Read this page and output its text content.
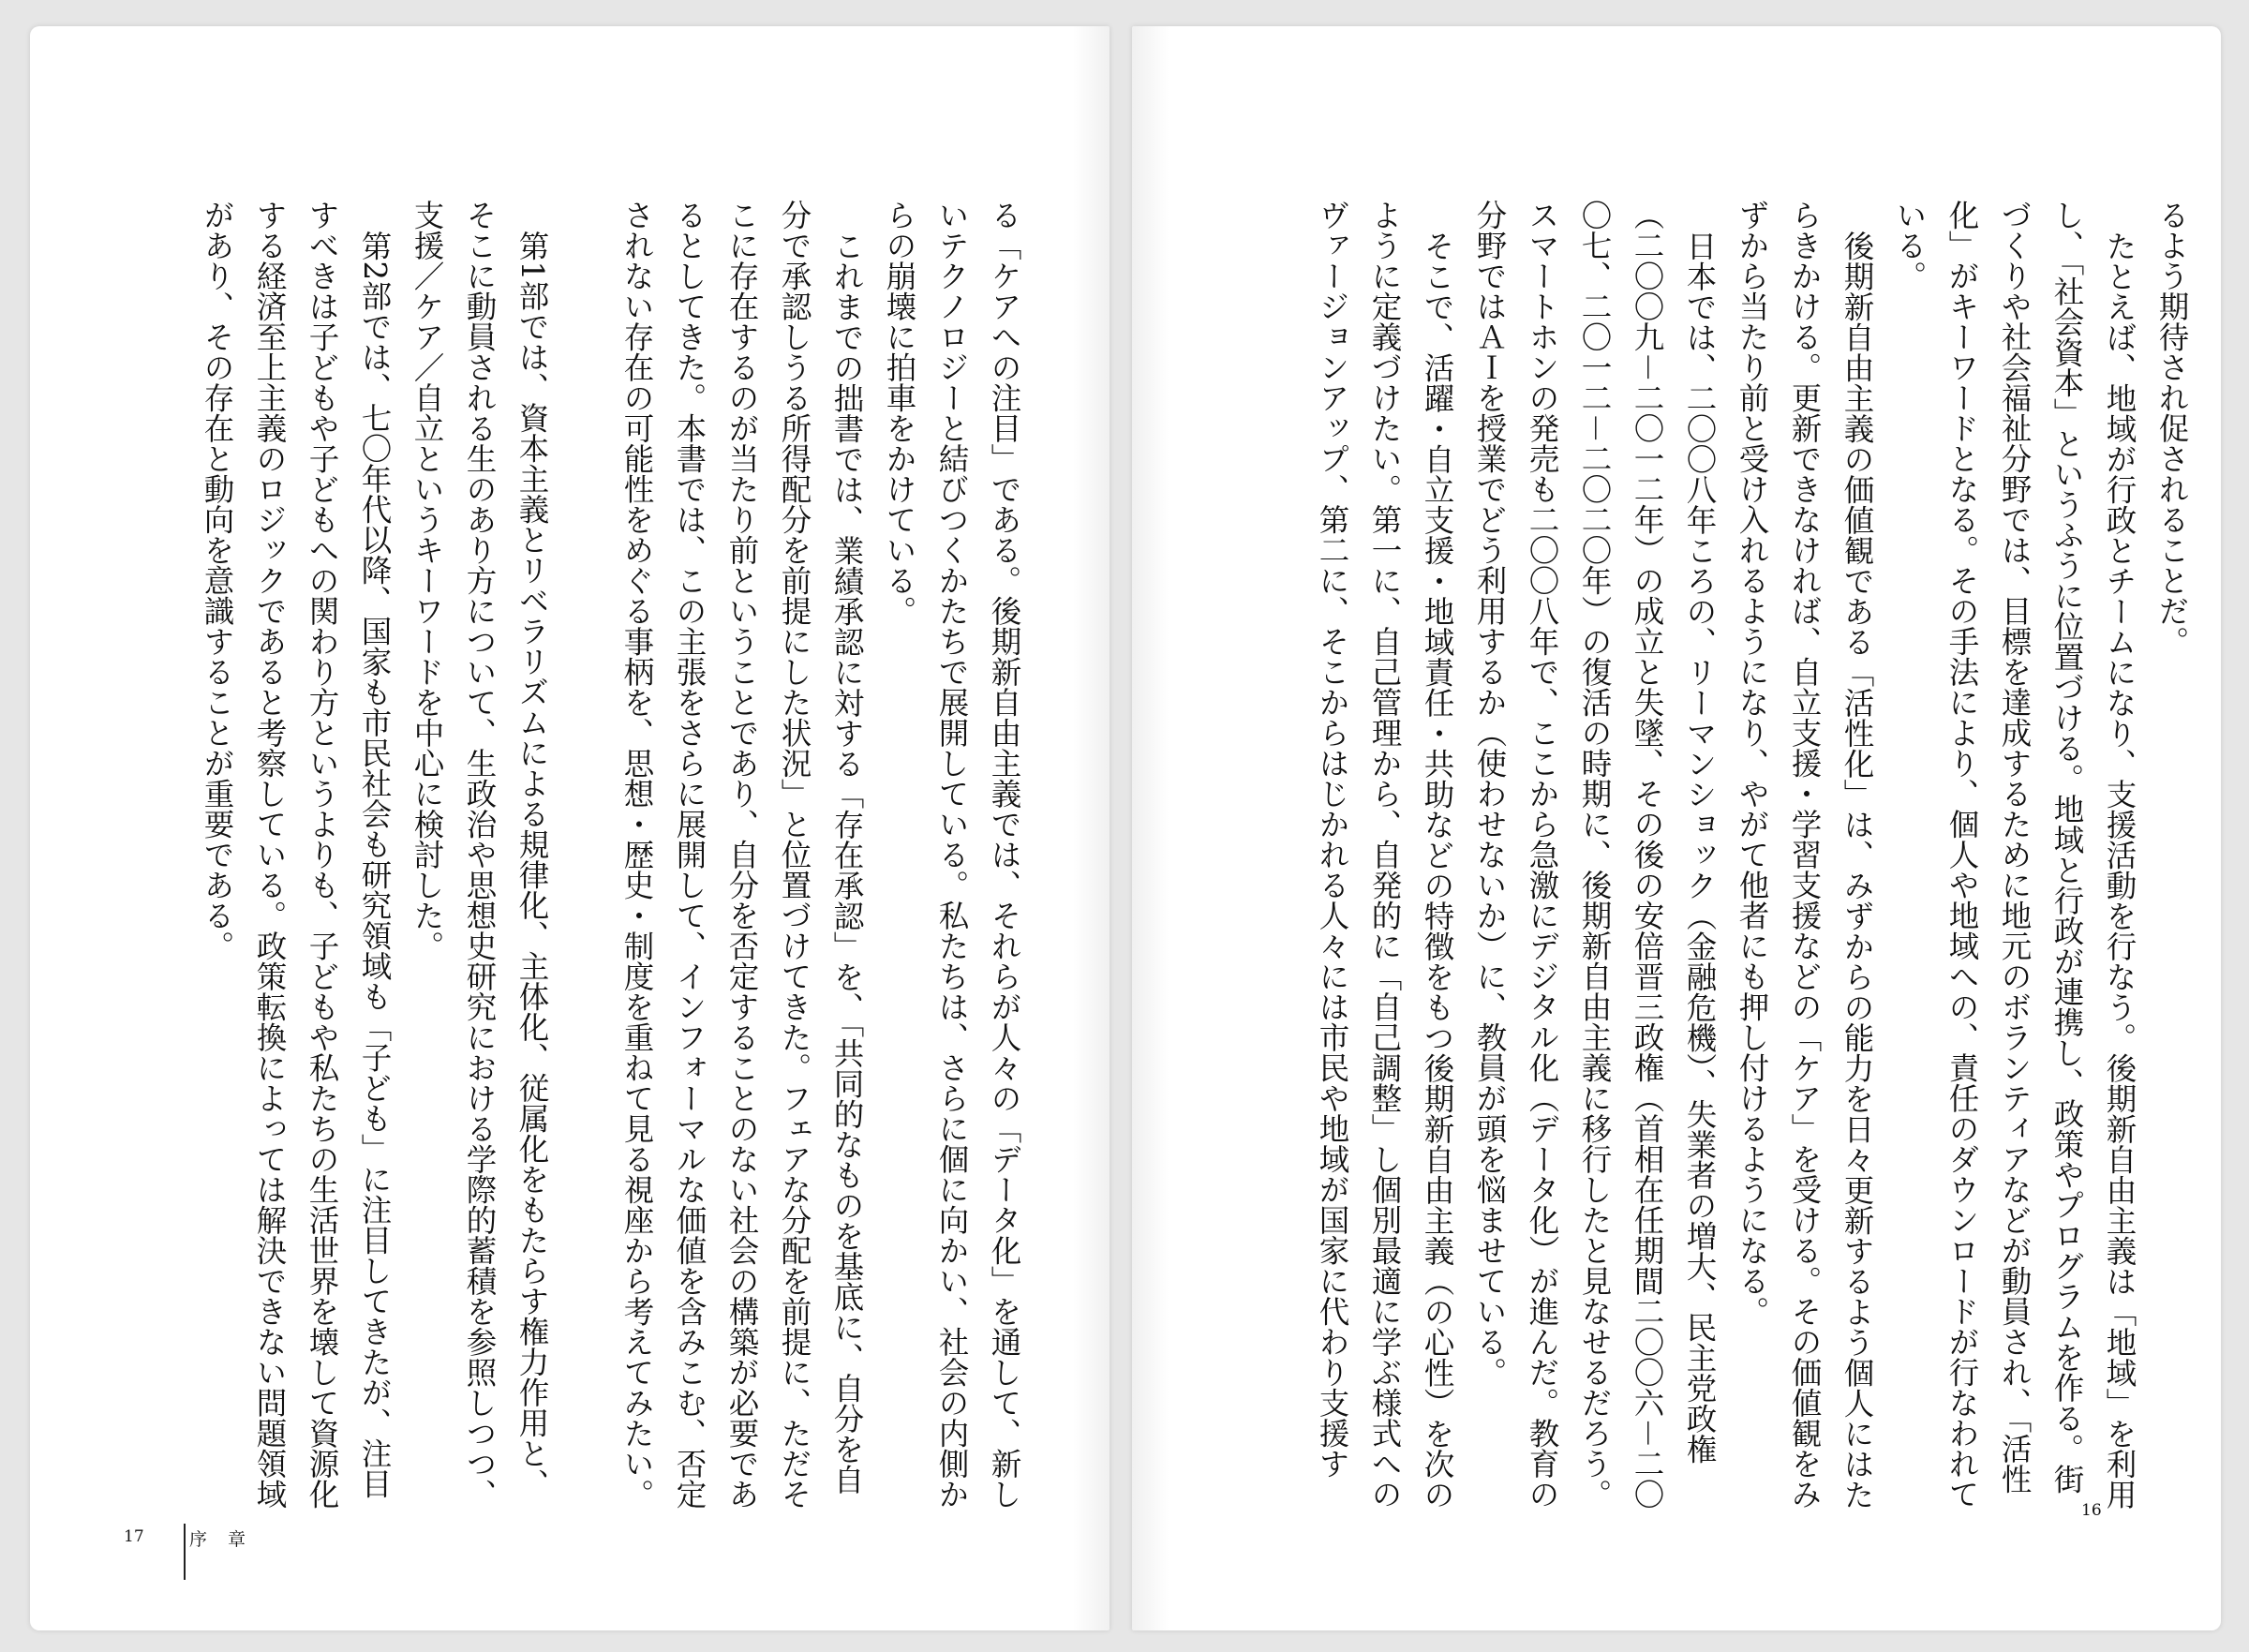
る「ケアへの注目」である。後期新自由主義では、それらが人々の「データ化」を通して、新しいテクノロジーと結びつくかたちで展開している。私たちは、さらに個に向かい、社会の内側からの崩壊に拍車をかけている。

これまでの拙書では、業績承認に対する「存在承認」を、「共同的なものを基底に、自分を自分で承認しうる所得配分を前提にした状況」と位置づけてきた。フェアな分配を前提に、ただそこに存在するのが当たり前ということであり、自分を否定することのない社会の構築が必要であるとしてきた。本書では、この主張をさらに展開して、インフォーマルな価値を含みこむ、否定されない存在の可能性をめぐる事柄を、思想・歴史・制度を重ねて見る視座から考えてみたい。

第1部では、資本主義とリベラリズムによる規律化、主体化、従属化をもたらす権力作用と、そこに動員される生のあり方について、生政治や思想史研究における学際的蓄積を参照しつつ、支援／ケア／自立というキーワードを中心に検討した。

第2部では、七〇年代以降、国家も市民社会も研究領域も「子ども」に注目してきたが、注目すべきは子どもや子どもへの関わり方というよりも、子どもや私たちの生活世界を壊して資源化する経済至上主義のロジックであると考察している。政策転換によっては解決できない問題領域があり、その存在と動向を意識することが重要である。

17	序 章

るよう期待され促されることだ。

たとえば、地域が行政とチームになり、支援活動を行なう。後期新自由主義は「地域」を利用し、「社会資本」というふうに位置づける。地域と行政が連携し、政策やプログラムを作る。街づくりや社会福祉分野では、目標を達成するために地元のボランティアなどが動員され、「活性化」がキーワードとなる。その手法により、個人や地域への、責任のダウンロードが行なわれている。

後期新自由主義の価値観である「活性化」は、みずからの能力を日々更新するよう個人にはたらきかける。更新できなければ、自立支援・学習支援などの「ケア」を受ける。その価値観をみずから当たり前と受け入れるようになり、やがて他者にも押し付けるようになる。

日本では、二〇〇八年ころの、リーマンショック（金融危機）、失業者の増大、民主党政権（二〇〇九－二〇一二年）の成立と失墜、その後の安倍晋三政権（首相在任期間二〇〇六－二〇〇七、二〇一二－二〇二〇年）の復活の時期に、後期新自由主義に移行したと見なせるだろう。スマートホンの発売も二〇〇八年で、ここから急激にデジタル化（データ化）が進んだ。教育の分野ではＡＩを授業でどう利用するか（使わせないか）に、教員が頭を悩ませている。

そこで、活躍・自立支援・地域責任・共助などの特徴をもつ後期新自由主義（の心性）を次のように定義づけたい。第一に、自己管理から、自発的に「自己調整」し個別最適に学ぶ様式へのヴァージョンアップ、第二に、そこからはじかれる人々には市民や地域が国家に代わり支援す

16
